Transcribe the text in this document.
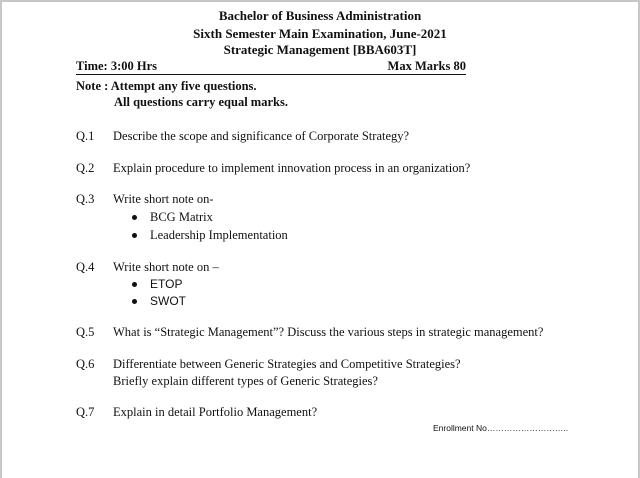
Bachelor of Business Administration
Sixth Semester Main Examination, June-2021
Strategic Management [BBA603T]
Time: 3:00 Hrs	Max Marks 80
Note : Attempt any five questions.
All questions carry equal marks.
Q.1 Describe the scope and significance of Corporate Strategy?
Q.2 Explain procedure to implement innovation process in an organization?
Q.3 Write short note on-
BCG Matrix
Leadership Implementation
Q.4 Write short note on –
ETOP
SWOT
Q.5 What is “Strategic Management”? Discuss the various steps in strategic management?
Q.6 Differentiate between Generic Strategies and Competitive Strategies?
Briefly explain different types of Generic Strategies?
Q.7 Explain in detail Portfolio Management?
Enrollment No………………………..
